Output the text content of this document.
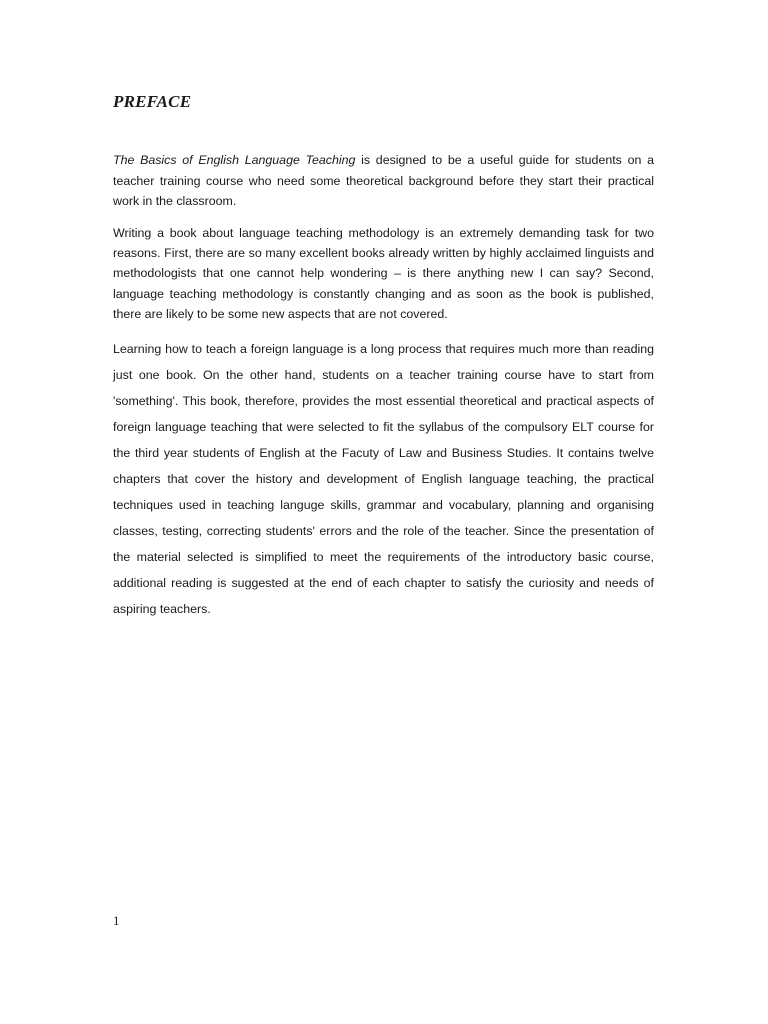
PREFACE

The Basics of English Language Teaching is designed to be a useful guide for students on a teacher training course who need some theoretical background before they start their practical work in the classroom.

Writing a book about language teaching methodology is an extremely demanding task for two reasons. First, there are so many excellent books already written by highly acclaimed linguists and methodologists that one cannot help wondering – is there anything new I can say? Second, language teaching methodology is constantly changing and as soon as the book is published, there are likely to be some new aspects that are not covered.

Learning how to teach a foreign language is a long process that requires much more than reading just one book. On the other hand, students on a teacher training course have to start from 'something'. This book, therefore, provides the most essential theoretical and practical aspects of foreign language teaching that were selected to fit the syllabus of the compulsory ELT course for the third year students of English at the Facuty of Law and Business Studies. It contains twelve chapters that cover the history and development of English language teaching, the practical techniques used in teaching languge skills, grammar and vocabulary, planning and organising classes, testing, correcting students' errors and the role of the teacher. Since the presentation of the material selected is simplified to meet the requirements of the introductory basic course, additional reading is suggested at the end of each chapter to satisfy the curiosity and needs of aspiring teachers.

1
